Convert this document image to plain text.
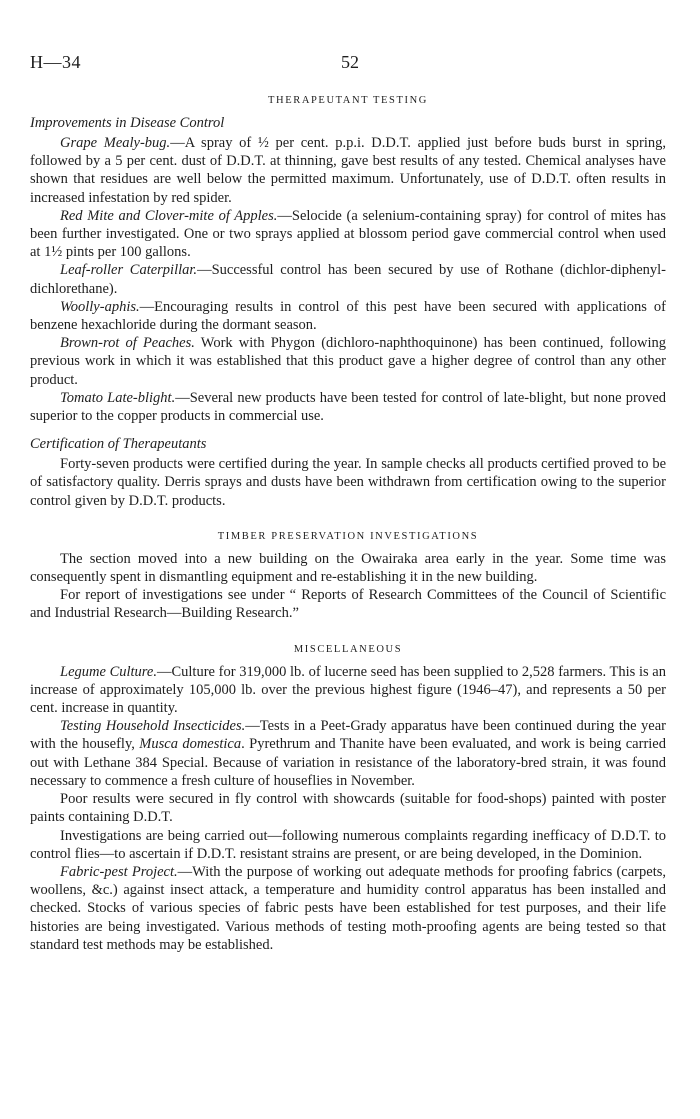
H—34	52
THERAPEUTANT TESTING
Improvements in Disease Control

Grape Mealy-bug.—A spray of ½ per cent. p.p.i. D.D.T. applied just before buds burst in spring, followed by a 5 per cent. dust of D.D.T. at thinning, gave best results of any tested. Chemical analyses have shown that residues are well below the permitted maximum. Unfortunately, use of D.D.T. often results in increased infestation by red spider.

Red Mite and Clover-mite of Apples.—Selocide (a selenium-containing spray) for control of mites has been further investigated. One or two sprays applied at blossom period gave commercial control when used at 1½ pints per 100 gallons.

Leaf-roller Caterpillar.—Successful control has been secured by use of Rothane (dichlor-diphenyl-dichlorethane).

Woolly-aphis.—Encouraging results in control of this pest have been secured with applications of benzene hexachloride during the dormant season.

Brown-rot of Peaches. Work with Phygon (dichloro-naphthoquinone) has been continued, following previous work in which it was established that this product gave a higher degree of control than any other product.

Tomato Late-blight.—Several new products have been tested for control of late-blight, but none proved superior to the copper products in commercial use.

Certification of Therapeutants

Forty-seven products were certified during the year. In sample checks all products certified proved to be of satisfactory quality. Derris sprays and dusts have been withdrawn from certification owing to the superior control given by D.D.T. products.

TIMBER PRESERVATION INVESTIGATIONS

The section moved into a new building on the Owairaka area early in the year. Some time was consequently spent in dismantling equipment and re-establishing it in the new building.

For report of investigations see under “ Reports of Research Committees of the Council of Scientific and Industrial Research—Building Research.”

MISCELLANEOUS

Legume Culture.—Culture for 319,000 lb. of lucerne seed has been supplied to 2,528 farmers. This is an increase of approximately 105,000 lb. over the previous highest figure (1946–47), and represents a 50 per cent. increase in quantity.

Testing Household Insecticides.—Tests in a Peet-Grady apparatus have been continued during the year with the housefly, Musca domestica. Pyrethrum and Thanite have been evaluated, and work is being carried out with Lethane 384 Special. Because of variation in resistance of the laboratory-bred strain, it was found necessary to commence a fresh culture of houseflies in November.

Poor results were secured in fly control with showcards (suitable for food-shops) painted with poster paints containing D.D.T.

Investigations are being carried out—following numerous complaints regarding inefficacy of D.D.T. to control flies—to ascertain if D.D.T. resistant strains are present, or are being developed, in the Dominion.

Fabric-pest Project.—With the purpose of working out adequate methods for proofing fabrics (carpets, woollens, &c.) against insect attack, a temperature and humidity control apparatus has been installed and checked. Stocks of various species of fabric pests have been established for test purposes, and their life histories are being investigated. Various methods of testing moth-proofing agents are being tested so that standard test methods may be established.
